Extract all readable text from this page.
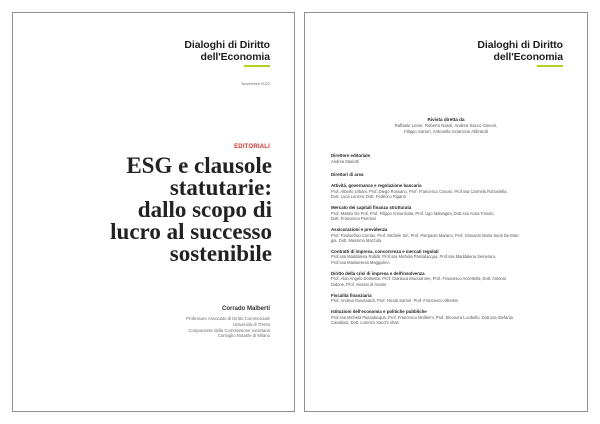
Dialoghi di Diritto
dell'Economia
Novembre 2022
EDITORIALI
ESG e clausole
statutarie:
dallo scopo di
lucro al successo
sostenibile
Corrado Malberti
Professore Associato di Diritto Commerciale
Università di Trento
Componente della Commissione societaria
Consiglio Notarile di Milano
Dialoghi di Diritto
dell'Economia
Rivista diretta da
Raffaele Lener, Roberto Natoli, Andrea Sacco Ginevri,
Filippo Sartori, Antonella Sciarrone Alibrandi
Direttore editoriale
Andrea Mariotti
Direttori di area
Attività, governance e regolazione bancaria
Prof. Alberto Urbani, Prof. Diego Rossano, Prof. Francesco Ciraolo, Prof.ssa Carmela Robustella,
Dott. Luca Lenzini, Dott. Federico Riganti
Mercato dei capitali finanza strutturata
Prof. Matteo De Poli, Prof. Filippo Annunziata, Prof. Ugo Malvagna, Dott.ssa Anna Toniolo,
Dott. Francesco Pennesi
Assicurazioni e previdenza
Prof. Paoloefisio Corrias, Prof. Michele Siri, Prof. Pierpaolo Marano, Prof. Giovanni Maria Santi De Man-
gia, Dott. Massimo Mazzola
Contratti di impresa, concorrenza e mercati regolati
Prof.ssa Maddalena Rabitti, Prof.ssa Michela Passalacqua, Prof.ssa Maddalena Semeraro,
Prof.ssa Mariateresa Maggiolino
Diritto della crisi di impresa e dell'insolvenza
Prof. Aldo Angelo Dolmetta, Prof. Gianluca Mucciarone, Prof. Francesco Accettella, Dott. Antonio
Didone, Prof. Alessio di Amato
Fiscalità finanziaria
Prof. Andrea Giovanardi, Prof. Nicola Sartori, Prof. Francesco Albertini
Istituzioni dell'economia e politiche pubbliche
Prof.ssa Michela Passalacqua, Prof. Francesco Moliterni, Prof. Eleonora Lucibello, Dott.ssa Stefania
Cavallaro, Dott. Lorenzo Sacchi Vitas
